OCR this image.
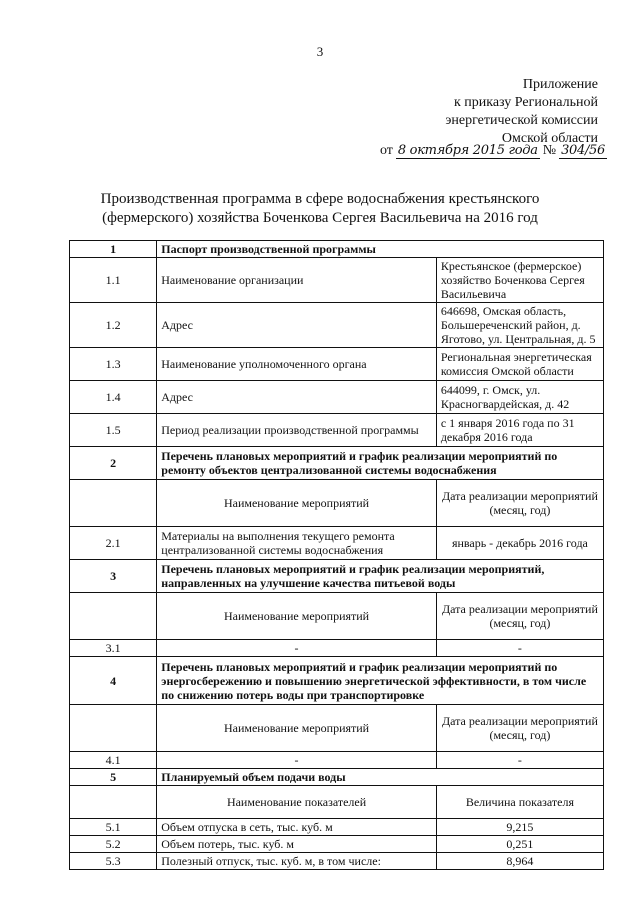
3
Приложение
к приказу Региональной
энергетической комиссии
Омской области
от 8 октября 2015 года № 304/56
Производственная программа в сфере водоснабжения крестьянского
(фермерского) хозяйства Боченкова Сергея Васильевича на 2016 год
1	Паспорт производственной программы	
1.1	Наименование организации	Крестьянское (фермерское) хозяйство Боченкова Сергея Васильевича
1.2	Адрес	646698, Омская область, Большереченский район, д. Яготово, ул. Центральная, д. 5
1.3	Наименование уполномоченного органа	Региональная энергетическая комиссия Омской области
1.4	Адрес	644099, г. Омск, ул. Красногвардейская, д. 42
1.5	Период реализации производственной программы	с 1 января 2016 года по 31 декабря 2016 года
2	Перечень плановых мероприятий и график реализации мероприятий по ремонту объектов централизованной системы водоснабжения	
	Наименование мероприятий	Дата реализации мероприятий (месяц, год)
2.1	Материалы на выполнения текущего ремонта централизованной системы водоснабжения	январь - декабрь 2016 года
3	Перечень плановых мероприятий и график реализации мероприятий, направленных на улучшение качества питьевой воды	
	Наименование мероприятий	Дата реализации мероприятий (месяц, год)
3.1	-	-
4	Перечень плановых мероприятий и график реализации мероприятий по энергосбережению и повышению энергетической эффективности, в том числе по снижению потерь воды при транспортировке	
	Наименование мероприятий	Дата реализации мероприятий (месяц, год)
4.1	-	-
5	Планируемый объем подачи воды	
	Наименование показателей	Величина показателя
5.1	Объем отпуска в сеть, тыс. куб. м	9,215
5.2	Объем потерь, тыс. куб. м	0,251
5.3	Полезный отпуск, тыс. куб. м, в том числе:	8,964
